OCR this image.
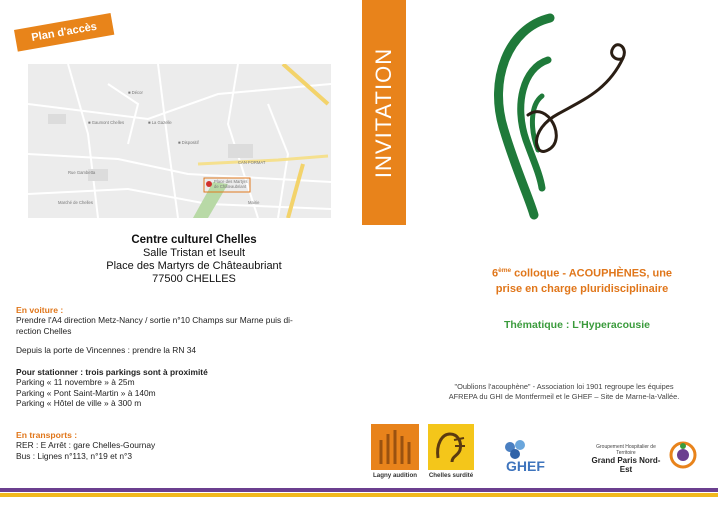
Plan d'accès
■ Décor
■ Gaumont Chelles	■ La Gazelle
■ Dispositif
Rue Gambetta
CAN FORMAT
Marché de Chelles	Mairie
Place des Martyrs
de Châteaubriant
Centre culturel Chelles
Salle Tristan et Iseult
Place des Martyrs de Châteaubriant
77500 CHELLES
En voiture :
Prendre l'A4 direction Metz-Nancy / sortie n°10 Champs sur Marne puis di-
rection Chelles
Depuis la porte de Vincennes : prendre la RN 34
Pour stationner : trois parkings sont à proximité
Parking « 11 novembre » à 25m
Parking « Pont Saint-Martin » à 140m
Parking « Hôtel de ville » à 300 m
En transports :
RER : E Arrêt : gare Chelles-Gournay
Bus : Lignes n°113, n°19 et n°3
INVITATION
6ème colloque - ACOUPHÈNES, une
prise en charge pluridisciplinaire
Thématique : L'Hyperacousie
"Oublions l'acouphène" - Association loi 1901 regroupe les équipes
AFREPA du GHI de Montfermeil et le GHEF – Site de Marne-la-Vallée.
Lagny audition	Chelles surdité
GHEF
Groupement Hospitalier de Territoire
Grand Paris Nord-Est
